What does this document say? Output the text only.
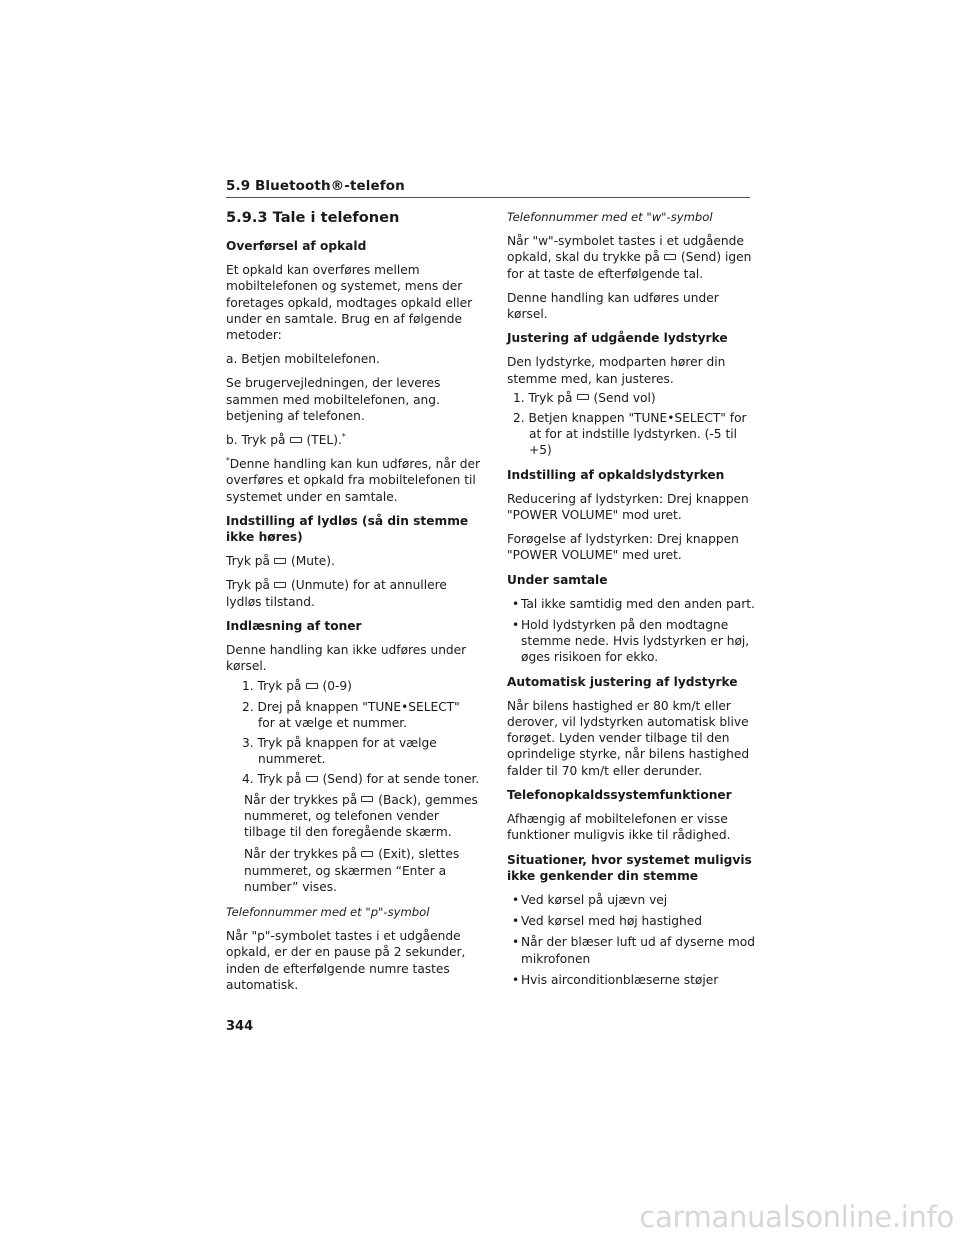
5.9 Bluetooth®-telefon
5.9.3 Tale i telefonen
Overførsel af opkald
Et opkald kan overføres mellem mobiltelefonen og systemet, mens der foretages opkald, modtages opkald eller under en samtale. Brug en af følgende metoder:
a. Betjen mobiltelefonen.
Se brugervejledningen, der leveres sammen med mobiltelefonen, ang. betjening af telefonen.
b. Tryk på (TEL).*
*Denne handling kan kun udføres, når der overføres et opkald fra mobiltelefonen til systemet under en samtale.
Indstilling af lydløs (så din stemme ikke høres)
Tryk på (Mute).
Tryk på (Unmute) for at annullere lydløs tilstand.
Indlæsning af toner
Denne handling kan ikke udføres under kørsel.
1. Tryk på (0-9)
2. Drej på knappen "TUNE•SELECT" for at vælge et nummer.
3. Tryk på knappen for at vælge nummeret.
4. Tryk på (Send) for at sende toner.
Når der trykkes på (Back), gemmes nummeret, og telefonen vender tilbage til den foregående skærm.
Når der trykkes på (Exit), slettes nummeret, og skærmen “Enter a number” vises.
Telefonnummer med et "p"-symbol
Når "p"-symbolet tastes i et udgående opkald, er der en pause på 2 sekunder, inden de efterfølgende numre tastes automatisk.
Telefonnummer med et "w"-symbol
Når "w"-symbolet tastes i et udgående opkald, skal du trykke på (Send) igen for at taste de efterfølgende tal.
Denne handling kan udføres under kørsel.
Justering af udgående lydstyrke
Den lydstyrke, modparten hører din stemme med, kan justeres.
1. Tryk på (Send vol)
2. Betjen knappen "TUNE•SELECT" for at for at indstille lydstyrken. (-5 til +5)
Indstilling af opkaldslydstyrken
Reducering af lydstyrken: Drej knappen "POWER VOLUME" mod uret.
Forøgelse af lydstyrken: Drej knappen "POWER VOLUME" med uret.
Under samtale
• Tal ikke samtidig med den anden part.
• Hold lydstyrken på den modtagne stemme nede. Hvis lydstyrken er høj, øges risikoen for ekko.
Automatisk justering af lydstyrke
Når bilens hastighed er 80 km/t eller derover, vil lydstyrken automatisk blive forøget. Lyden vender tilbage til den oprindelige styrke, når bilens hastighed falder til 70 km/t eller derunder.
Telefonopkaldssystemfunktioner
Afhængig af mobiltelefonen er visse funktioner muligvis ikke til rådighed.
Situationer, hvor systemet muligvis ikke genkender din stemme
• Ved kørsel på ujævn vej
• Ved kørsel med høj hastighed
• Når der blæser luft ud af dyserne mod mikrofonen
• Hvis airconditionblæserne støjer
344
carmanualsonline.info
